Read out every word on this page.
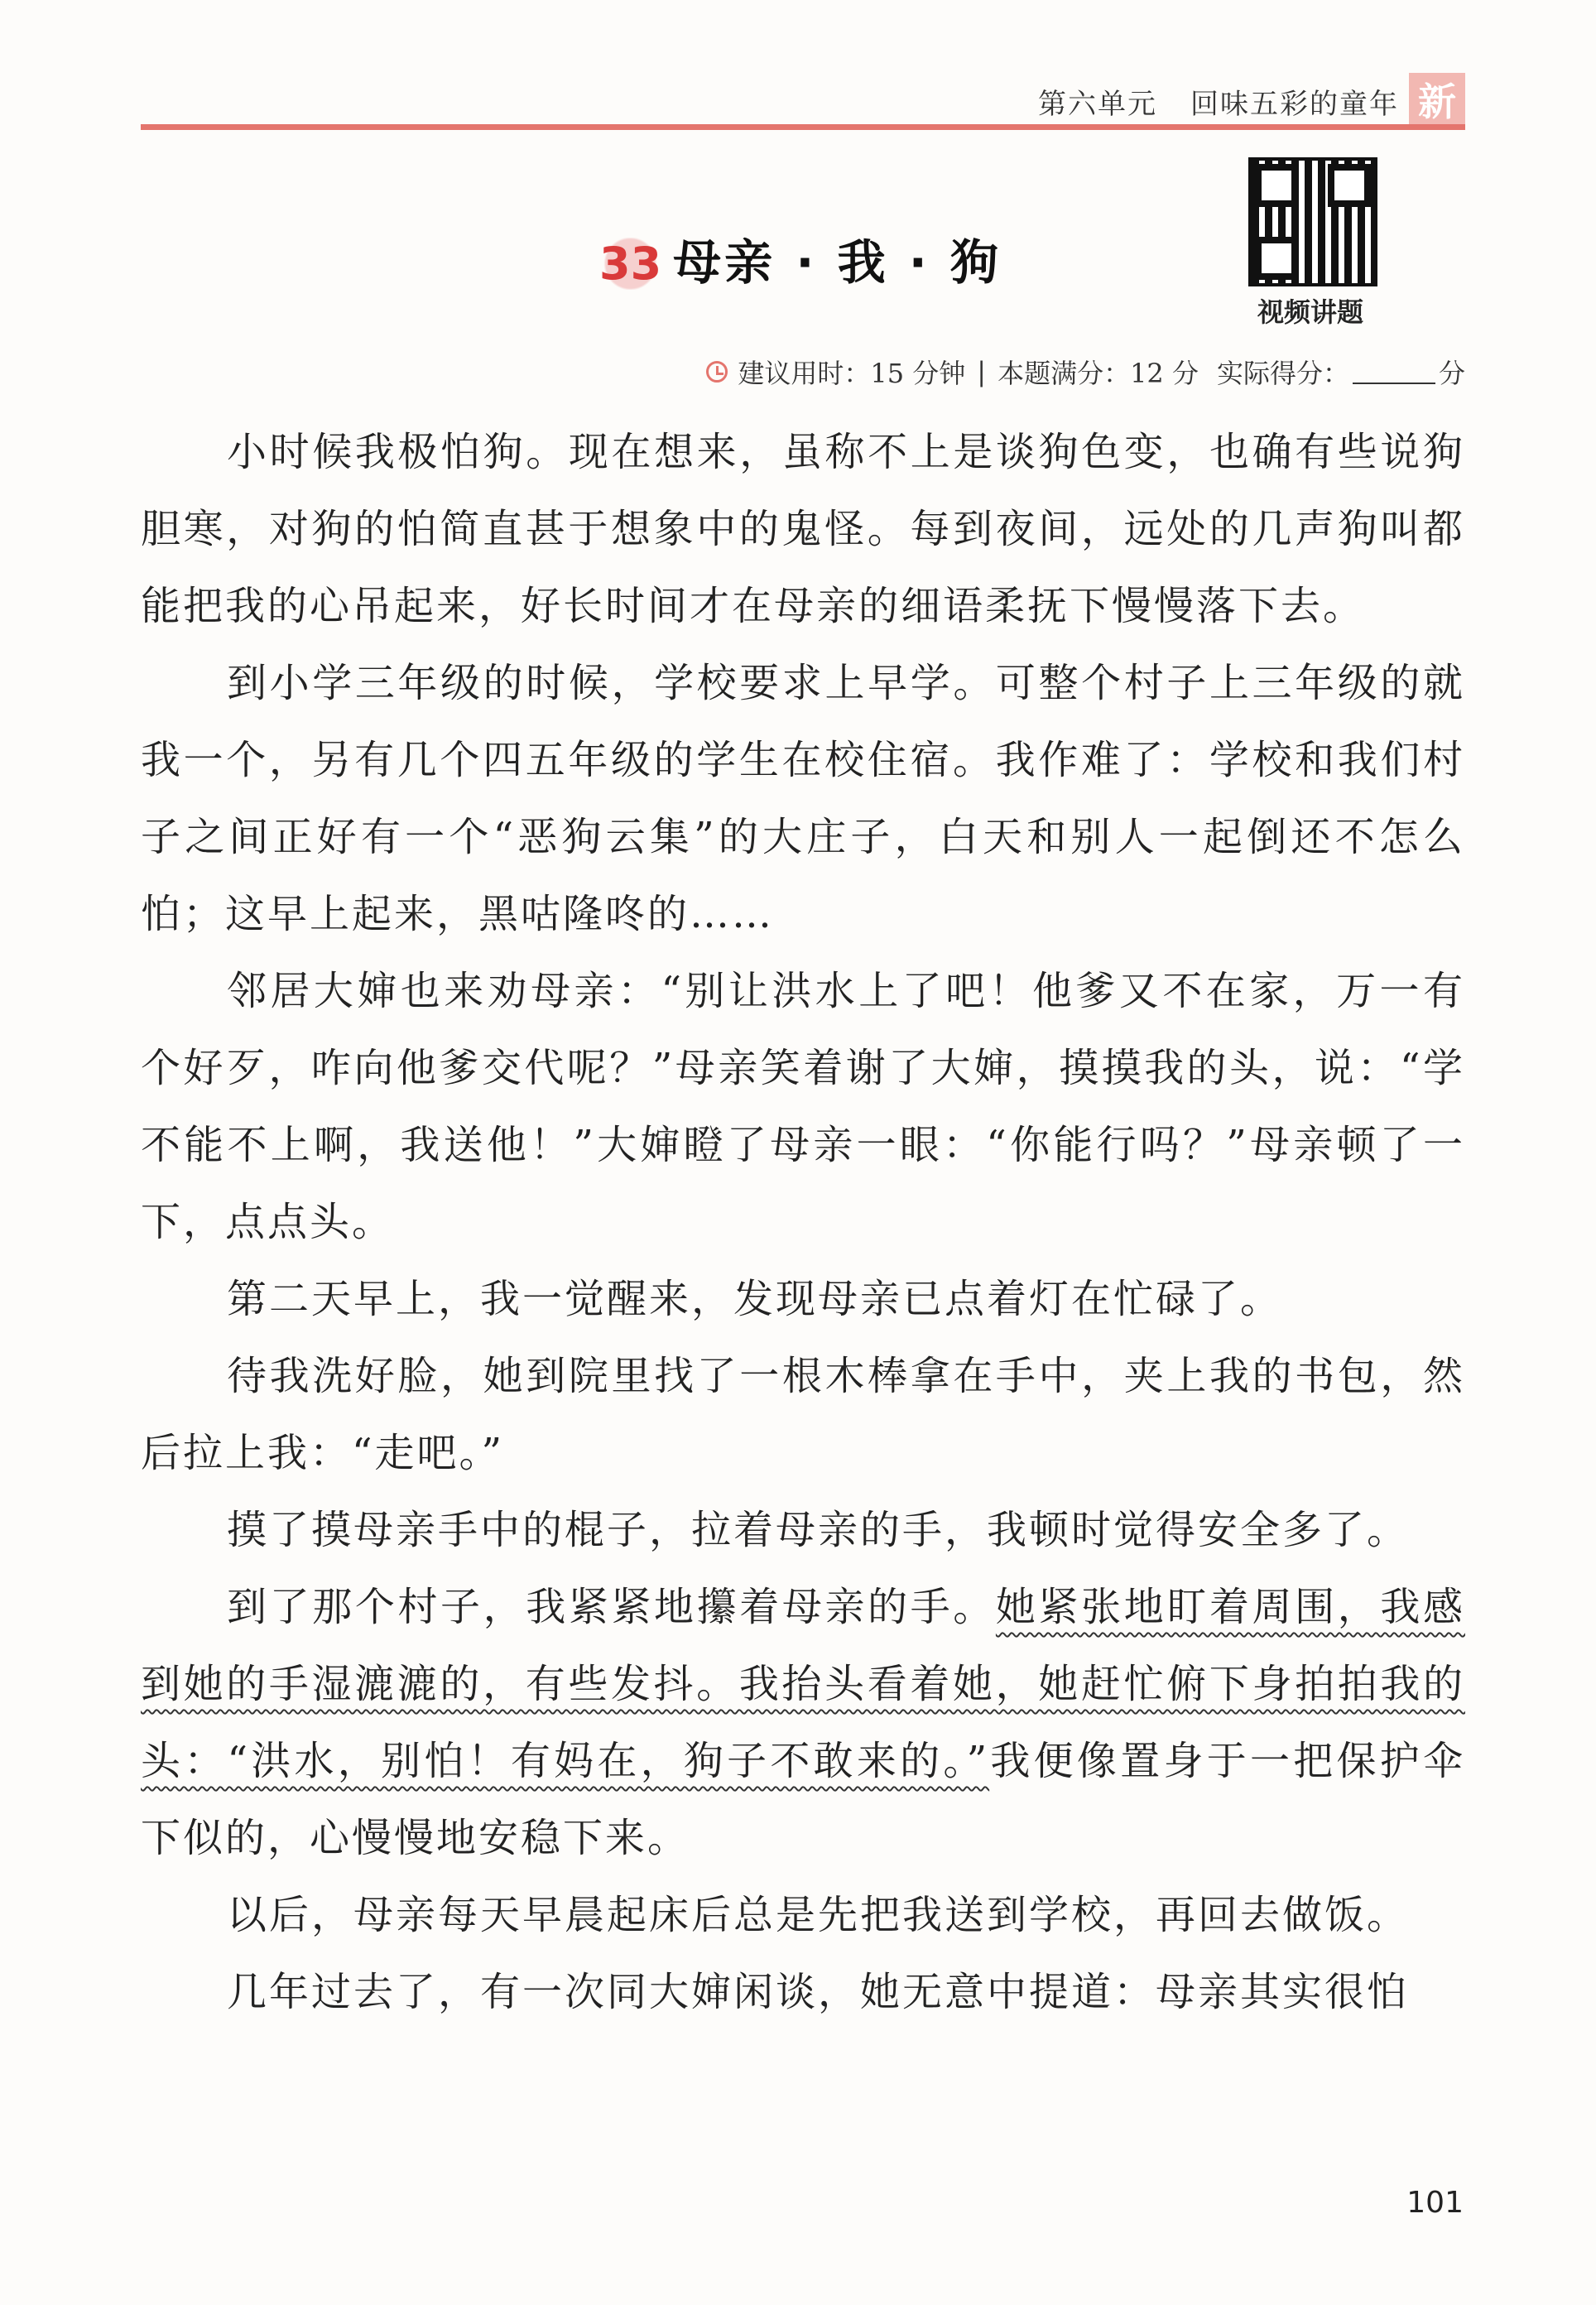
第六单元 回味五彩的童年 新
33 母亲 · 我 · 狗
视频讲题
建议用时：15 分钟 | 本题满分：12 分 实际得分：	分

小时候我极怕狗。现在想来，虽称不上是谈狗色变，也确有些说狗胆寒，对狗的怕简直甚于想象中的鬼怪。每到夜间，远处的几声狗叫都能把我的心吊起来，好长时间才在母亲的细语柔抚下慢慢落下去。

到小学三年级的时候，学校要求上早学。可整个村子上三年级的就我一个，另有几个四五年级的学生在校住宿。我作难了：学校和我们村子之间正好有一个“恶狗云集”的大庄子，白天和别人一起倒还不怎么怕；这早上起来，黑咕隆咚的……

邻居大婶也来劝母亲：“别让洪水上了吧！他爹又不在家，万一有个好歹，咋向他爹交代呢？”母亲笑着谢了大婶，摸摸我的头，说：“学不能不上啊，我送他！”大婶瞪了母亲一眼：“你能行吗？”母亲顿了一下，点点头。

第二天早上，我一觉醒来，发现母亲已点着灯在忙碌了。

待我洗好脸，她到院里找了一根木棒拿在手中，夹上我的书包，然后拉上我：“走吧。”

摸了摸母亲手中的棍子，拉着母亲的手，我顿时觉得安全多了。

到了那个村子，我紧紧地攥着母亲的手。她紧张地盯着周围，我感到她的手湿漉漉的，有些发抖。我抬头看着她，她赶忙俯下身拍拍我的头：“洪水，别怕！有妈在，狗子不敢来的。”我便像置身于一把保护伞下似的，心慢慢地安稳下来。

以后，母亲每天早晨起床后总是先把我送到学校，再回去做饭。

几年过去了，有一次同大婶闲谈，她无意中提道：母亲其实很怕

101
